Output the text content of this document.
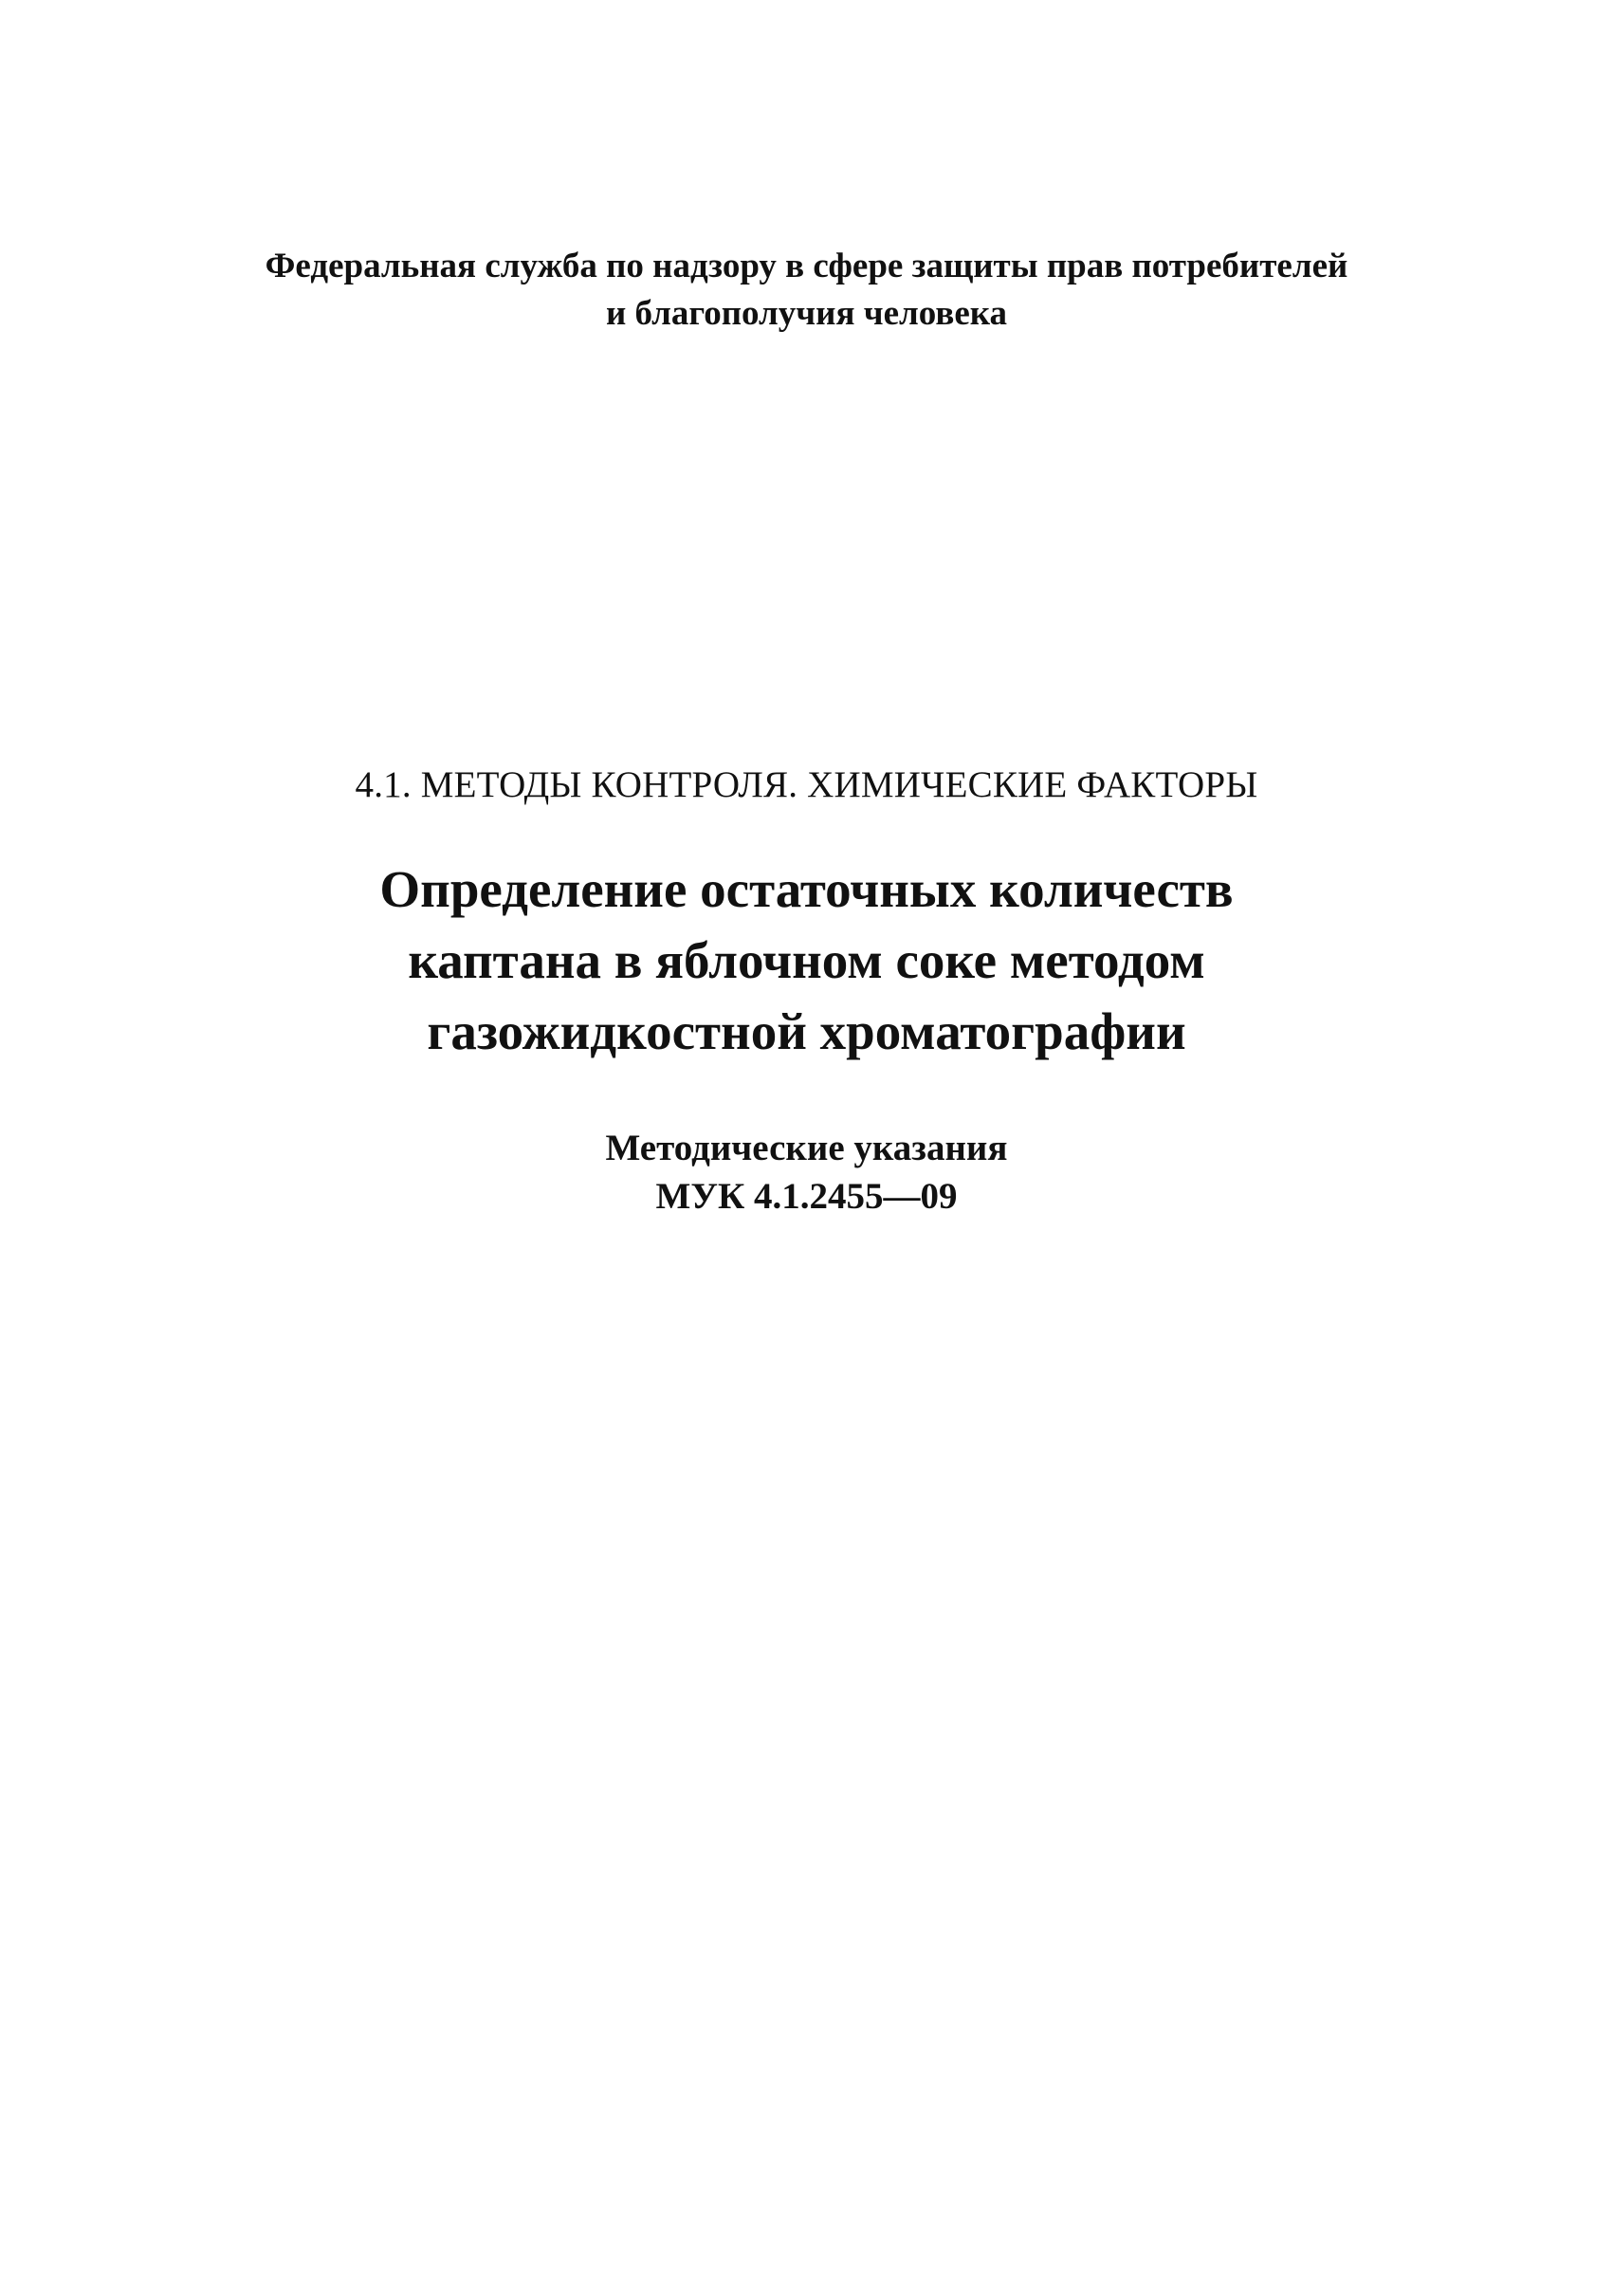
Федеральная служба по надзору в сфере защиты прав потребителей
и благополучия человека
4.1. МЕТОДЫ КОНТРОЛЯ. ХИМИЧЕСКИЕ ФАКТОРЫ
Определение остаточных количеств
каптана в яблочном соке методом
газожидкостной хроматографии
Методические указания
МУК 4.1.2455—09
